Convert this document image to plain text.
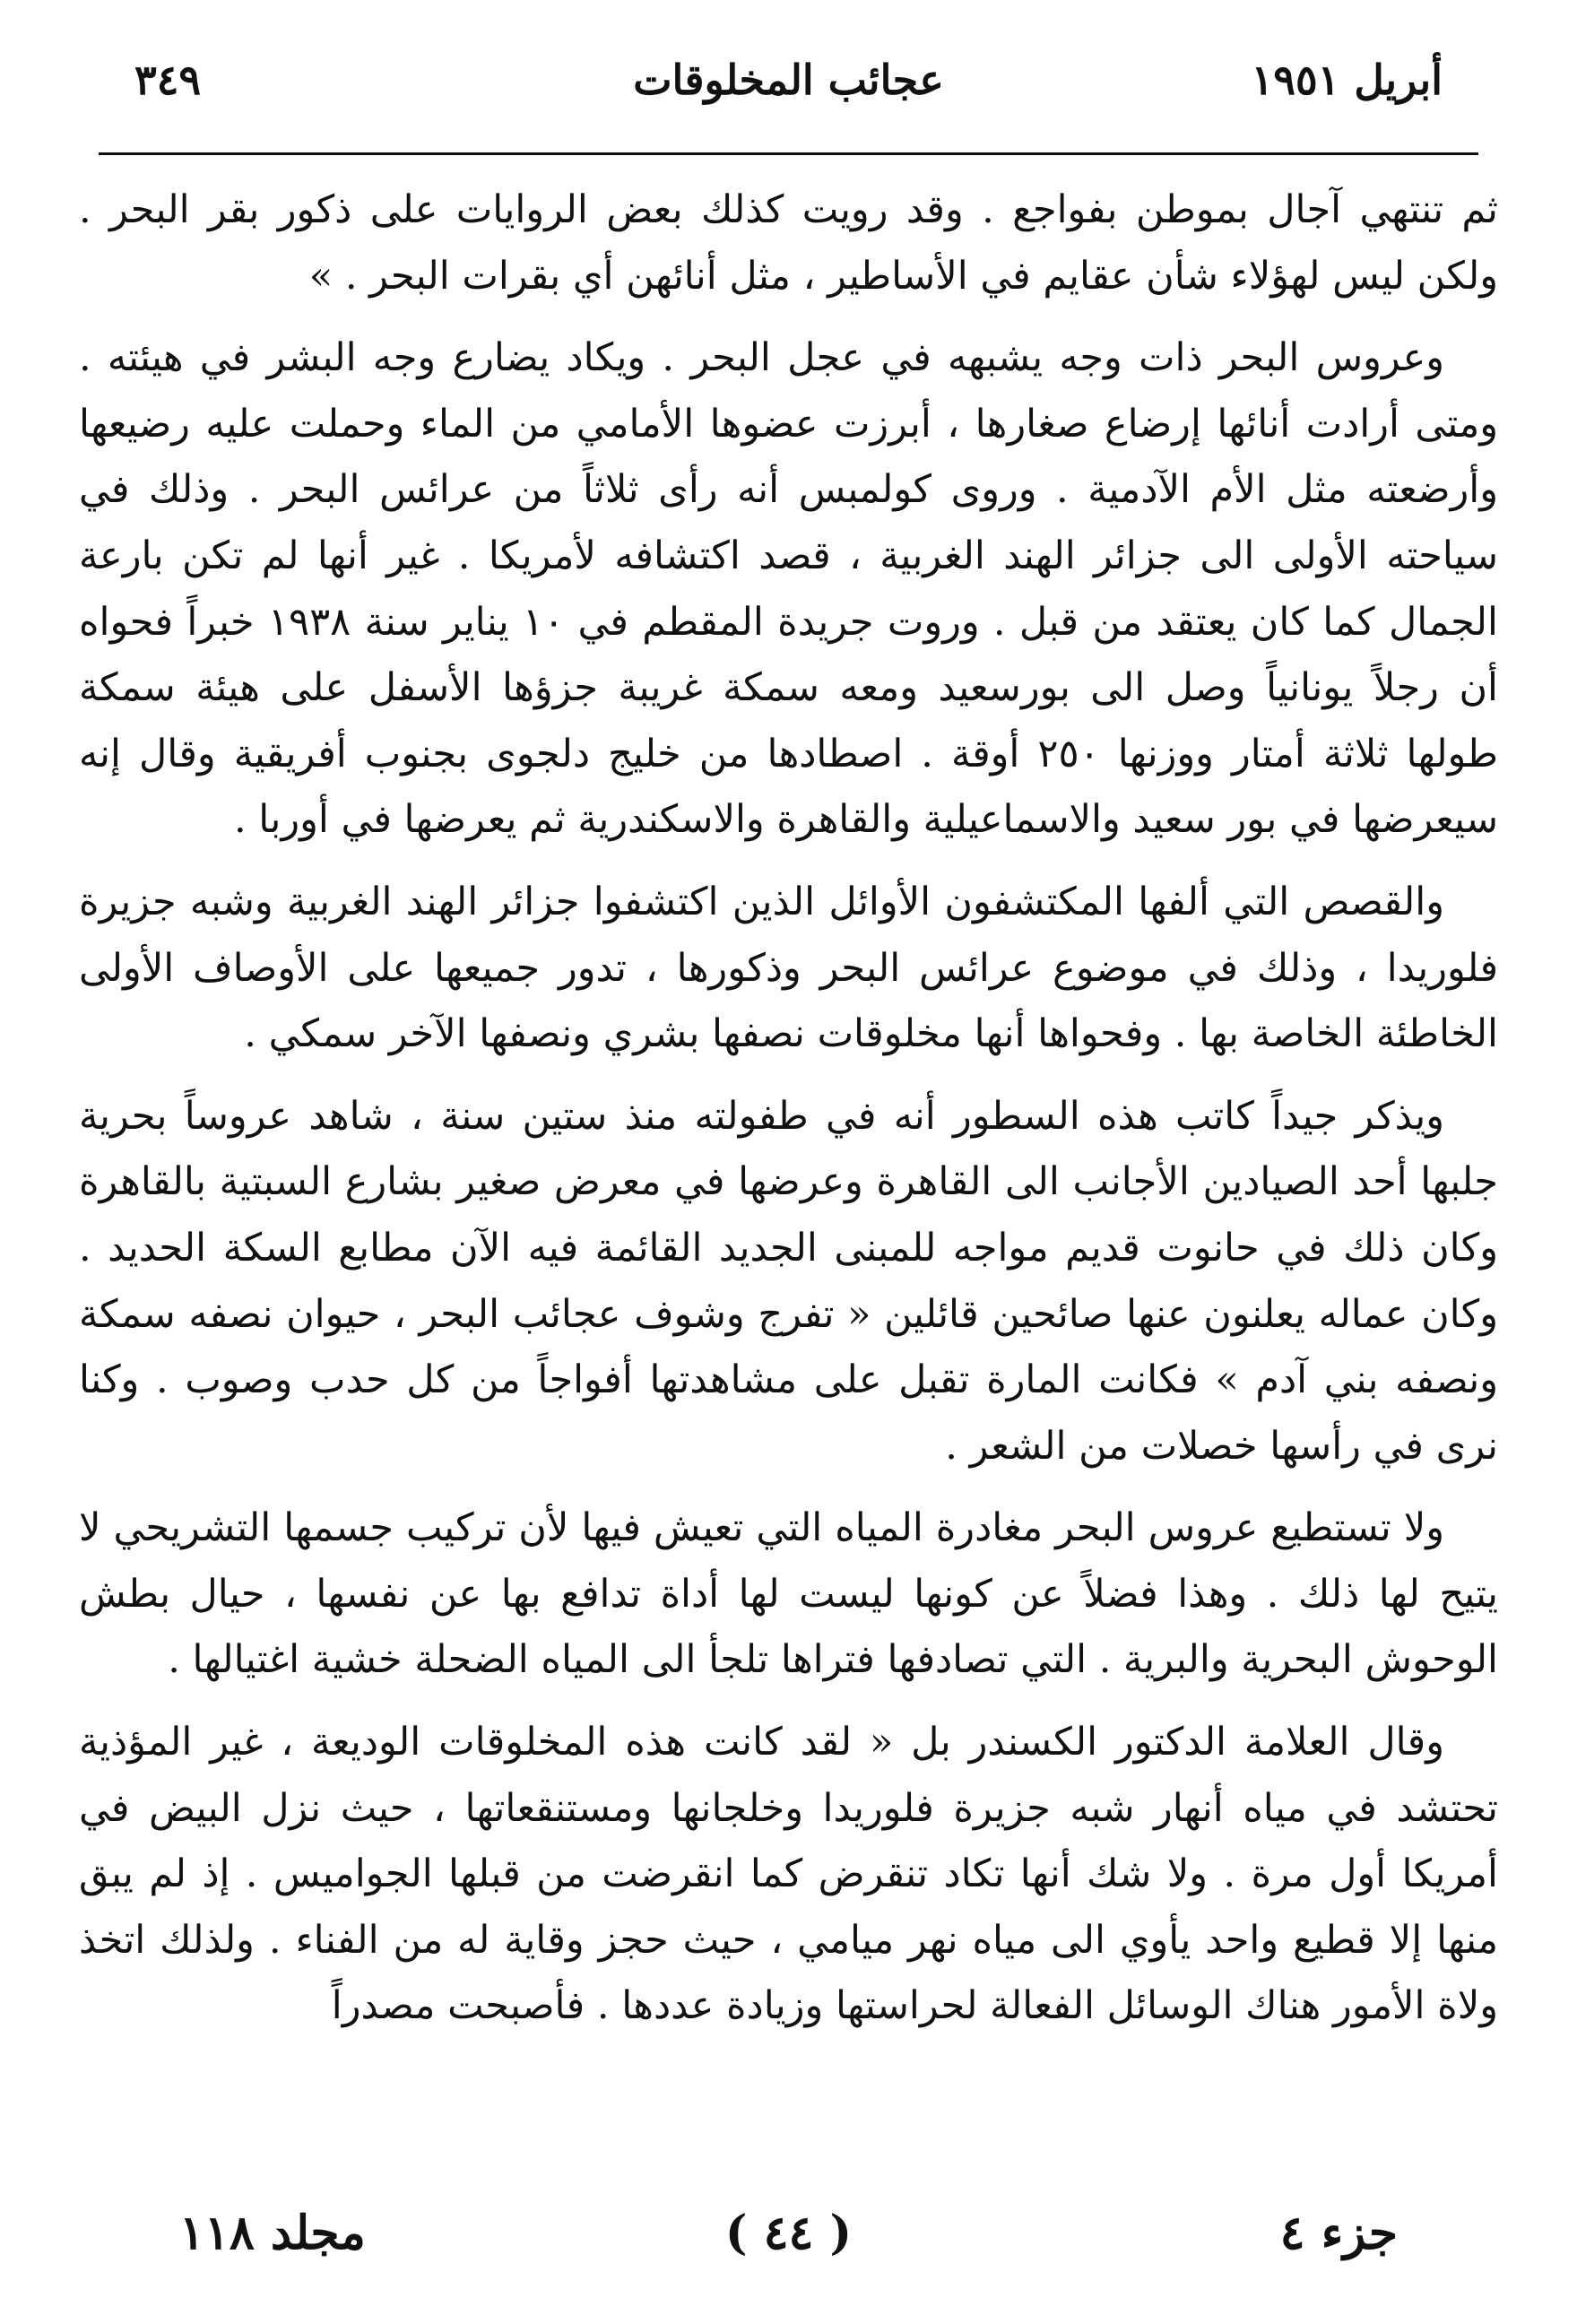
أبريل ١٩٥١
عجائب المخلوقات
٣٤٩

ثم تنتهي آجال بموطن بفواجع . وقد رويت كذلك بعض الروايات على ذكور بقر البحر . ولكن ليس لهؤلاء شأن عقايم في الأساطير ، مثل أنائهن أي بقرات البحر . »

وعروس البحر ذات وجه يشبهه في عجل البحر . ويكاد يضارع وجه البشر في هيئته . ومتى أرادت أنائها إرضاع صغارها ، أبرزت عضوها الأمامي من الماء وحملت عليه رضيعها وأرضعته مثل الأم الآدمية . وروى كولمبس أنه رأى ثلاثاً من عرائس البحر . وذلك في سياحته الأولى الى جزائر الهند الغربية ، قصد اكتشافه لأمريكا . غير أنها لم تكن بارعة الجمال كما كان يعتقد من قبل . وروت جريدة المقطم في ١٠ يناير سنة ١٩٣٨ خبراً فحواه أن رجلاً يونانياً وصل الى بورسعيد ومعه سمكة غريبة جزؤها الأسفل على هيئة سمكة طولها ثلاثة أمتار ووزنها ٢٥٠ أوقة . اصطادها من خليج دلجوى بجنوب أفريقية وقال إنه سيعرضها في بور سعيد والاسماعيلية والقاهرة والاسكندرية ثم يعرضها في أوربا .

والقصص التي ألفها المكتشفون الأوائل الذين اكتشفوا جزائر الهند الغربية وشبه جزيرة فلوريدا ، وذلك في موضوع عرائس البحر وذكورها ، تدور جميعها على الأوصاف الأولى الخاطئة الخاصة بها . وفحواها أنها مخلوقات نصفها بشري ونصفها الآخر سمكي .

ويذكر جيداً كاتب هذه السطور أنه في طفولته منذ ستين سنة ، شاهد عروساً بحرية جلبها أحد الصيادين الأجانب الى القاهرة وعرضها في معرض صغير بشارع السبتية بالقاهرة وكان ذلك في حانوت قديم مواجه للمبنى الجديد القائمة فيه الآن مطابع السكة الحديد . وكان عماله يعلنون عنها صائحين قائلين « تفرج وشوف عجائب البحر ، حيوان نصفه سمكة ونصفه بني آدم » فكانت المارة تقبل على مشاهدتها أفواجاً من كل حدب وصوب . وكنا نرى في رأسها خصلات من الشعر .

ولا تستطيع عروس البحر مغادرة المياه التي تعيش فيها لأن تركيب جسمها التشريحي لا يتيح لها ذلك . وهذا فضلاً عن كونها ليست لها أداة تدافع بها عن نفسها ، حيال بطش الوحوش البحرية والبرية . التي تصادفها فتراها تلجأ الى المياه الضحلة خشية اغتيالها .

وقال العلامة الدكتور الكسندر بل « لقد كانت هذه المخلوقات الوديعة ، غير المؤذية تحتشد في مياه أنهار شبه جزيرة فلوريدا وخلجانها ومستنقعاتها ، حيث نزل البيض في أمريكا أول مرة . ولا شك أنها تكاد تنقرض كما انقرضت من قبلها الجواميس . إذ لم يبق منها إلا قطيع واحد يأوي الى مياه نهر ميامي ، حيث حجز وقاية له من الفناء . ولذلك اتخذ ولاة الأمور هناك الوسائل الفعالة لحراستها وزيادة عددها . فأصبحت مصدراً

جزء ٤
( ٤٤ )
مجلد ١١٨
